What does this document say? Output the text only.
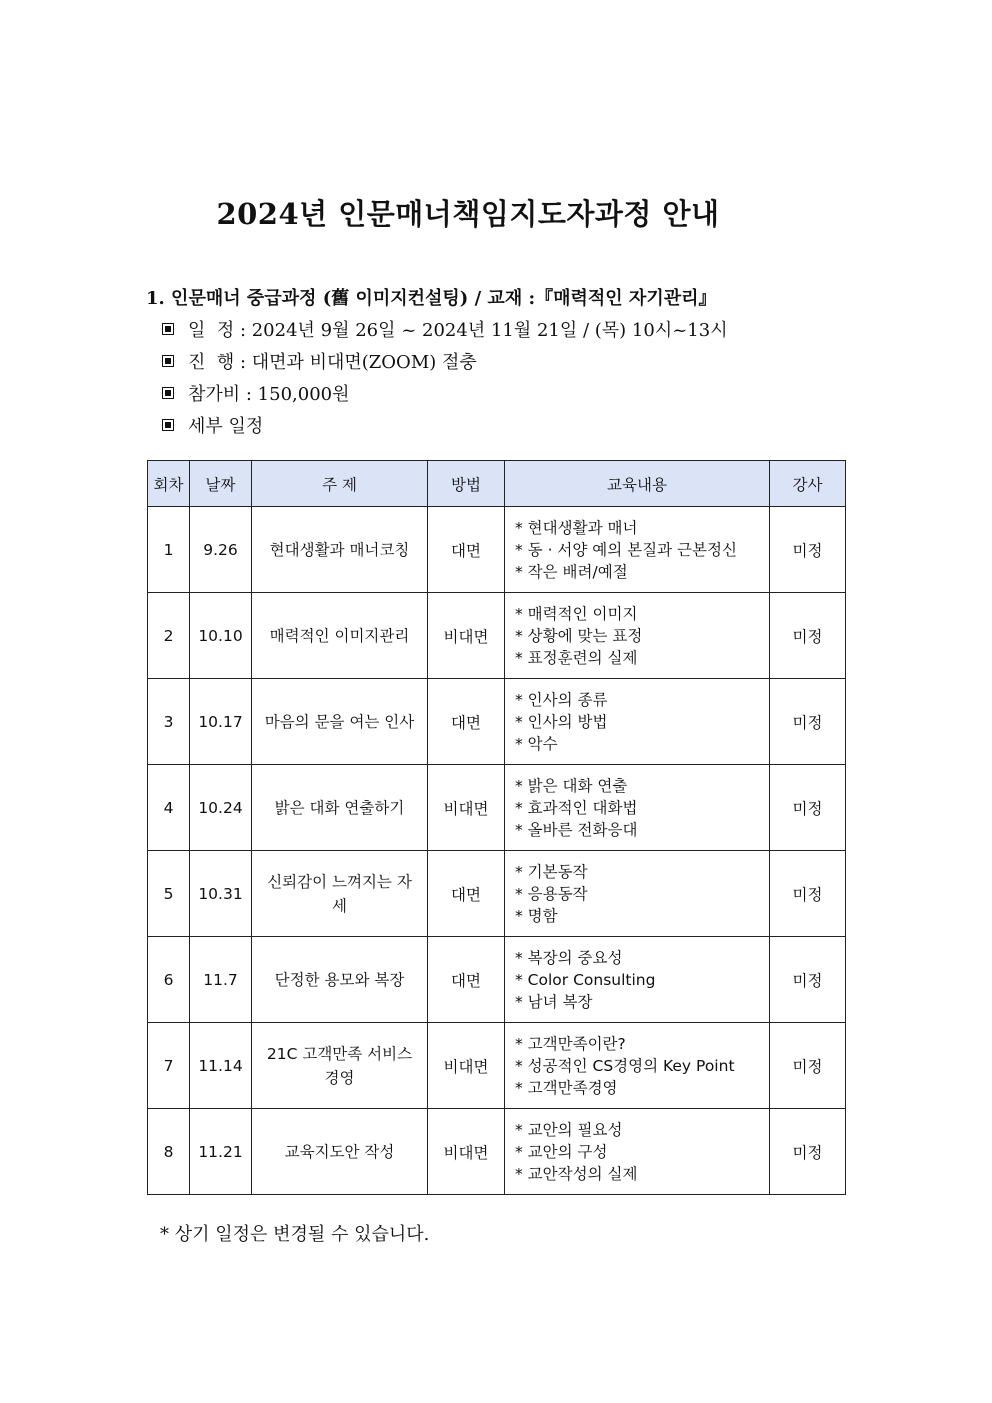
2024년 인문매너책임지도자과정 안내
1. 인문매너 중급과정 (舊 이미지컨설팅) / 교재 :『매력적인 자기관리』
일  정 : 2024년 9월 26일 ~ 2024년 11월 21일 / (목) 10시~13시
진  행 : 대면과 비대면(ZOOM) 절충
참가비 : 150,000원
세부 일정
회차	날짜	주 제	방법	교육내용	강사
1	9.26	현대생활과 매너코칭	대면	* 현대생활과 매너
* 동 · 서양 예의 본질과 근본정신
* 작은 배려/예절	미정
2	10.10	매력적인 이미지관리	비대면	* 매력적인 이미지
* 상황에 맞는 표정
* 표정훈련의 실제	미정
3	10.17	마음의 문을 여는 인사	대면	* 인사의 종류
* 인사의 방법
* 악수	미정
4	10.24	밝은 대화 연출하기	비대면	* 밝은 대화 연출
* 효과적인 대화법
* 올바른 전화응대	미정
5	10.31	신뢰감이 느껴지는 자세	대면	* 기본동작
* 응용동작
* 명함	미정
6	11.7	단정한 용모와 복장	대면	* 복장의 중요성
* Color Consulting
* 남녀 복장	미정
7	11.14	21C 고객만족 서비스 경영	비대면	* 고객만족이란?
* 성공적인 CS경영의 Key Point
* 고객만족경영	미정
8	11.21	교육지도안 작성	비대면	* 교안의 필요성
* 교안의 구성
* 교안작성의 실제	미정
* 상기 일정은 변경될 수 있습니다.
